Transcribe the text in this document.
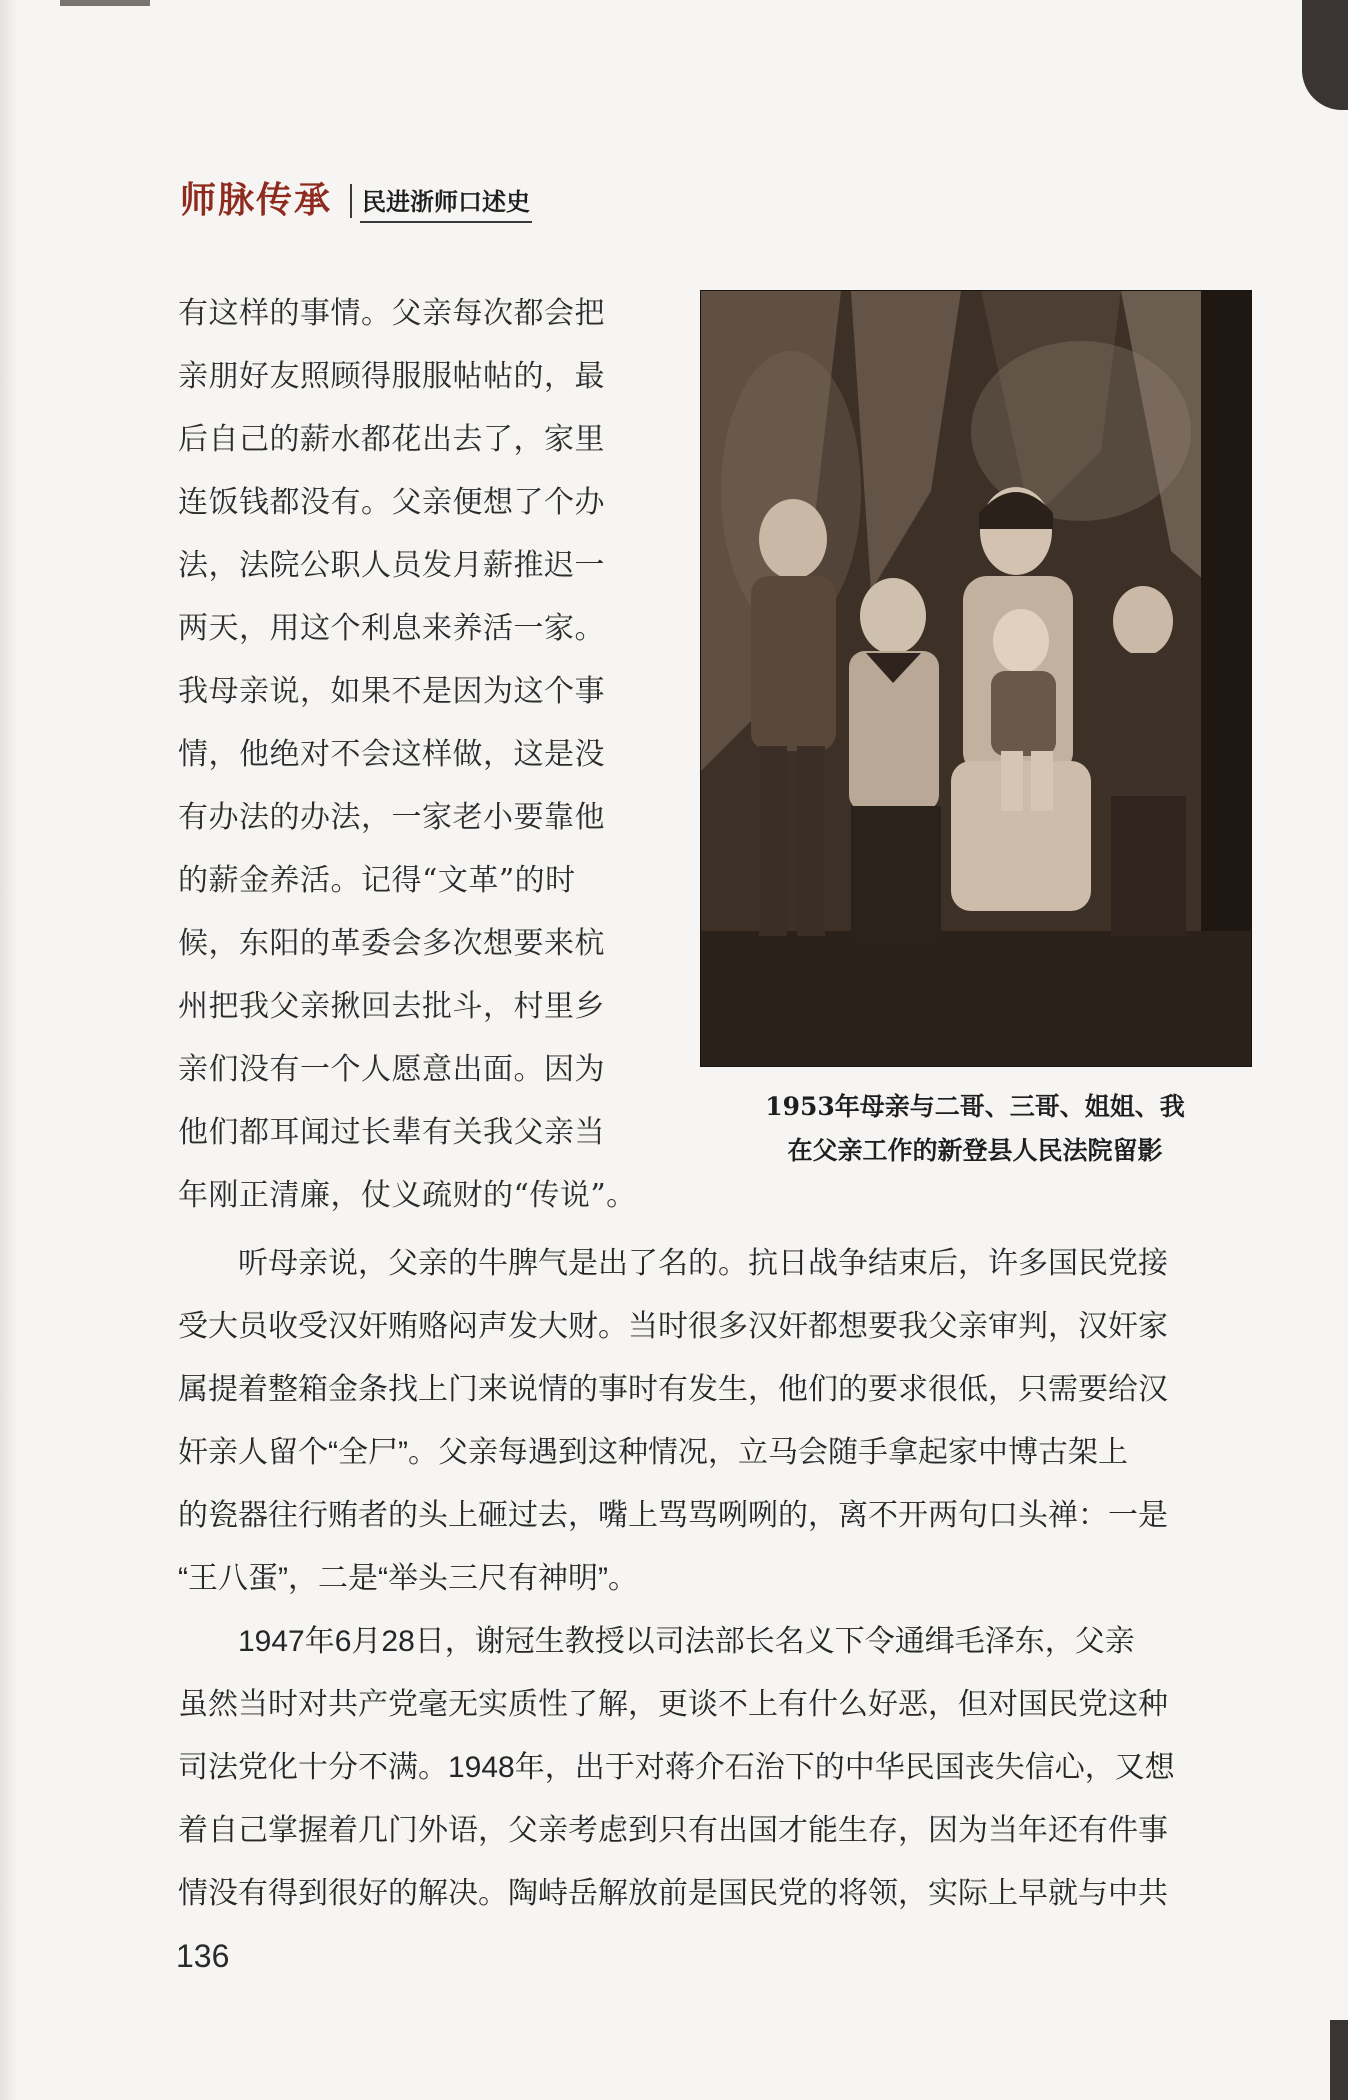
师脉传承 民进浙师口述史
有这样的事情。父亲每次都会把
亲朋好友照顾得服服帖帖的，最
后自己的薪水都花出去了，家里
连饭钱都没有。父亲便想了个办
法，法院公职人员发月薪推迟一
两天，用这个利息来养活一家。
我母亲说，如果不是因为这个事
情，他绝对不会这样做，这是没
有办法的办法，一家老小要靠他
的薪金养活。记得“文革”的时
候，东阳的革委会多次想要来杭
州把我父亲揪回去批斗，村里乡
亲们没有一个人愿意出面。因为
他们都耳闻过长辈有关我父亲当
年刚正清廉，仗义疏财的“传说”。
1953年母亲与二哥、三哥、姐姐、我
在父亲工作的新登县人民法院留影
听母亲说，父亲的牛脾气是出了名的。抗日战争结束后，许多国民党接
受大员收受汉奸贿赂闷声发大财。当时很多汉奸都想要我父亲审判，汉奸家
属提着整箱金条找上门来说情的事时有发生，他们的要求很低，只需要给汉
奸亲人留个“全尸”。父亲每遇到这种情况，立马会随手拿起家中博古架上
的瓷器往行贿者的头上砸过去，嘴上骂骂咧咧的，离不开两句口头禅：一是
“王八蛋”，二是“举头三尺有神明”。
1947年6月28日，谢冠生教授以司法部长名义下令通缉毛泽东，父亲
虽然当时对共产党毫无实质性了解，更谈不上有什么好恶，但对国民党这种
司法党化十分不满。1948年，出于对蒋介石治下的中华民国丧失信心，又想
着自己掌握着几门外语，父亲考虑到只有出国才能生存，因为当年还有件事
情没有得到很好的解决。陶峙岳解放前是国民党的将领，实际上早就与中共
136
